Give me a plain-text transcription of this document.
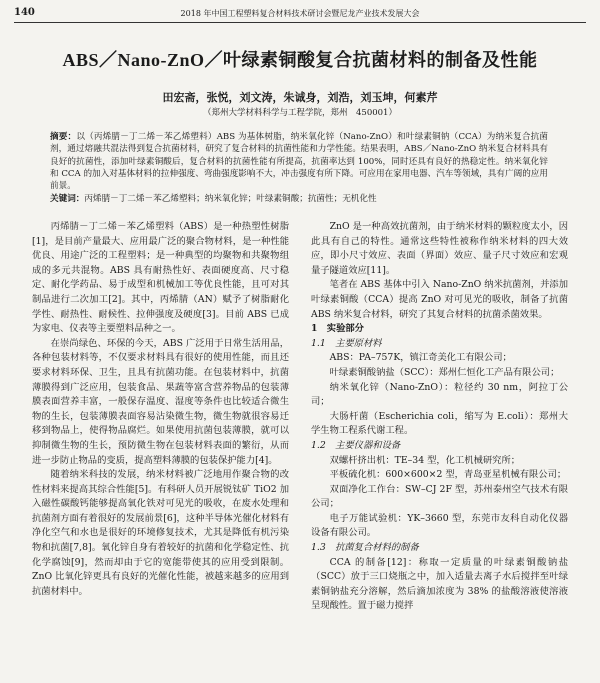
140	2018 年中国工程塑料复合材料技术研讨会暨尼龙产业技术发展大会
ABS／Nano-ZnO／叶绿素铜酸复合抗菌材料的制备及性能
田宏斋，张悦，刘文涛，朱诚身，刘浩，刘玉坤，何素芹
（郑州大学材料科学与工程学院，郑州　450001）
摘要：以（丙烯腈－丁二烯－苯乙烯塑料）ABS 为基体树脂，纳米氧化锌（Nano-ZnO）和叶绿素铜钠（CCA）为纳米复合抗菌剂，通过熔融共混法得到复合抗菌材料，研究了复合材料的抗菌性能和力学性能。结果表明，ABS／Nano-ZnO 纳米复合材料具有良好的抗菌性，添加叶绿素铜酸后，复合材料的抗菌性能有所提高，抗菌率达到 100%，同时还具有良好的热稳定性。纳米氧化锌和 CCA 的加入对基体材料的拉伸强度、弯曲强度影响不大，冲击强度有所下降。可应用在家用电器、汽车等领域，具有广阔的应用前景。
关键词：丙烯腈－丁二烯－苯乙烯塑料；纳米氧化锌；叶绿素铜酸；抗菌性；无机化性

丙烯腈－丁二烯－苯乙烯塑料（ABS）是一种热塑性树脂[1]，是目前产量最大、应用最广泛的聚合物材料，是一种性能优良、用途广泛的工程塑料；是一种典型的均聚物和共聚物组成的多元共混物。ABS 具有耐热性好、表面硬度高、尺寸稳定、耐化学药品、易于成型和机械加工等优良性能，且可对其制品进行二次加工[2]。其中，丙烯腈（AN）赋予了树脂耐化学性、耐热性、耐候性、拉伸强度及硬度[3]。目前 ABS 已成为家电、仪表等主要塑料品种之一。

在崇尚绿色、环保的今天，ABS 广泛用于日常生活用品，各种包装材料等，不仅要求材料具有很好的使用性能，而且还要求材料环保、卫生，且具有抗菌功能。在包装材料中，抗菌薄膜得到广泛应用，包装食品、果蔬等富含营养物品的包装薄膜表面营养丰富，一般保存温度、湿度等条件也比较适合微生物的生长，包装薄膜表面容易沾染微生物，微生物就很容易迁移到物品上，使得物品腐烂。如果使用抗菌包装薄膜，就可以抑制微生物的生长，预防微生物在包装材料表面的繁衍，从而进一步防止物品的变质，提高塑料薄膜的包装保护能力[4]。

随着纳米科技的发展，纳米材料被广泛地用作聚合物的改性材料来提高其综合性能[5]。有科研人员开展锐钛矿 TiO2 加入磁性碳酸钙能够提高氧化铁对可见光的吸收，在废水处理和抗菌剂方面有着很好的发展前景[6]，这种半导体光催化材料有净化空气和水也是很好的环境修复技术，尤其是降低有机污染物和抗菌[7,8]。氧化锌自身有着较好的抗菌和化学稳定性、抗化学腐蚀[9]，然而却由于它的宽能带使其的应用受到限制。ZnO 比氧化锌更具有良好的光催化性能，被越来越多的应用到抗菌材料中。

ZnO 是一种高效抗菌剂，由于纳米材料的颗粒度太小，因此具有自己的特性。通常这些特性被称作纳米材料的四大效应，即小尺寸效应、表面（界面）效应、量子尺寸效应和宏观量子隧道效应[11]。

笔者在 ABS 基体中引入 Nano-ZnO 纳米抗菌剂，并添加叶绿素铜酸（CCA）提高 ZnO 对可见光的吸收，制备了抗菌 ABS 纳米复合材料，研究了其复合材料的抗菌杀菌效果。

1　实验部分
1.1　主要原材料

ABS：PA–757K，镇江奇美化工有限公司；

叶绿素铜酸钠盐（SCC）：郑州仁恒化工产品有限公司；

纳米氧化锌（Nano-ZnO）：粒径约 30 nm，阿拉丁公司；

大肠杆菌（Escherichia coli，缩写为 E.coli）：郑州大学生物工程系代谢工程。

1.2　主要仪器和设备

双螺杆挤出机：TE–34 型，化工机械研究所；

平板硫化机：600×600×2 型，青岛亚星机械有限公司；

双面净化工作台：SW–CJ 2F 型，苏州泰州空气技术有限公司；

电子万能试验机：YK–3660 型，东莞市友科自动化仪器设备有限公司。

1.3　抗菌复合材料的制备

CCA 的制备[12]：称取一定质量的叶绿素铜酸钠盐（SCC）放于三口烧瓶之中，加入适量去离子水后搅拌至叶绿素铜钠盐充分溶解，然后滴加浓度为 38% 的盐酸溶液使溶液呈现酸性。置于磁力搅拌
